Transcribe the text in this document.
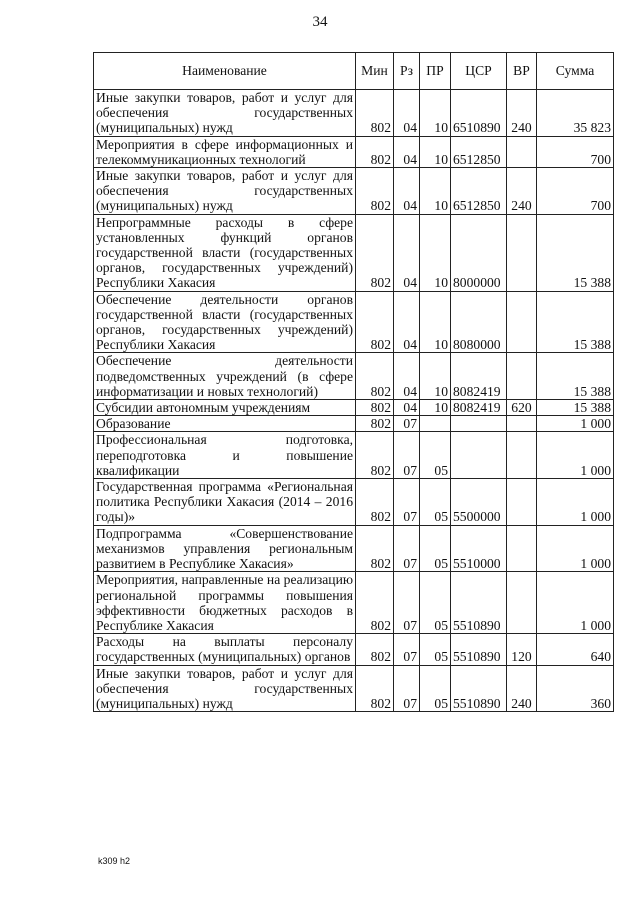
34
Наименование	Мин	Рз	ПР	ЦСР	ВР	Сумма
Иные закупки товаров, работ и услуг для обеспечения государственных (муниципальных) нужд	802	04	10	6510890	240	35 823
Мероприятия в сфере информационных и телекоммуникационных технологий	802	04	10	6512850		700
Иные закупки товаров, работ и услуг для обеспечения государственных (муниципальных) нужд	802	04	10	6512850	240	700
Непрограммные расходы в сфере установленных функций органов государственной власти (государственных органов, государственных учреждений) Республики Хакасия	802	04	10	8000000		15 388
Обеспечение деятельности органов государственной власти (государственных органов, государственных учреждений) Республики Хакасия	802	04	10	8080000		15 388
Обеспечение деятельности подведомственных учреждений (в сфере информатизации и новых технологий)	802	04	10	8082419		15 388
Субсидии автономным учреждениям	802	04	10	8082419	620	15 388
Образование	802	07				1 000
Профессиональная подготовка, переподготовка и повышение квалификации	802	07	05			1 000
Государственная программа «Региональная политика Республики Хакасия (2014 – 2016 годы)»	802	07	05	5500000		1 000
Подпрограмма «Совершенствование механизмов управления региональным развитием в Республике Хакасия»	802	07	05	5510000		1 000
Мероприятия, направленные на реализацию региональной программы повышения эффективности бюджетных расходов в Республике Хакасия	802	07	05	5510890		1 000
Расходы на выплаты персоналу государственных (муниципальных) органов	802	07	05	5510890	120	640
Иные закупки товаров, работ и услуг для обеспечения государственных (муниципальных) нужд	802	07	05	5510890	240	360
k309 h2
